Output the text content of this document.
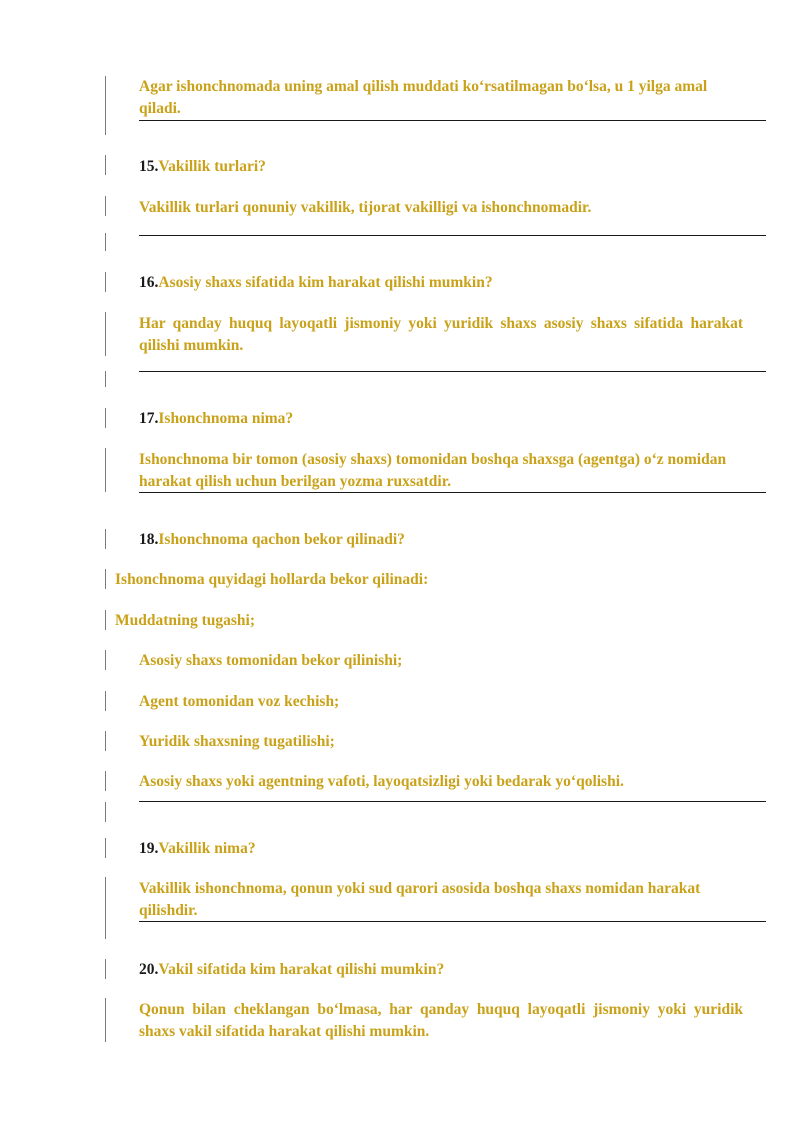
Agar ishonchnomada uning amal qilish muddati ko‘rsatilmagan bo‘lsa, u 1 yilga amal qiladi.
15.Vakillik turlari?
Vakillik turlari qonuniy vakillik, tijorat vakilligi va ishonchnomadir.
16.Asosiy shaxs sifatida kim harakat qilishi mumkin?
Har qanday huquq layoqatli jismoniy yoki yuridik shaxs asosiy shaxs sifatida harakat qilishi mumkin.
17.Ishonchnoma nima?
Ishonchnoma bir tomon (asosiy shaxs) tomonidan boshqa shaxsga (agentga) o‘z nomidan harakat qilish uchun berilgan yozma ruxsatdir.
18.Ishonchnoma qachon bekor qilinadi?
Ishonchnoma quyidagi hollarda bekor qilinadi:
Muddatning tugashi;
Asosiy shaxs tomonidan bekor qilinishi;
Agent tomonidan voz kechish;
Yuridik shaxsning tugatilishi;
Asosiy shaxs yoki agentning vafoti, layoqatsizligi yoki bedarak yo‘qolishi.
19.Vakillik nima?
Vakillik ishonchnoma, qonun yoki sud qarori asosida boshqa shaxs nomidan harakat qilishdir.
20.Vakil sifatida kim harakat qilishi mumkin?
Qonun bilan cheklangan bo‘lmasa, har qanday huquq layoqatli jismoniy yoki yuridik shaxs vakil sifatida harakat qilishi mumkin.
